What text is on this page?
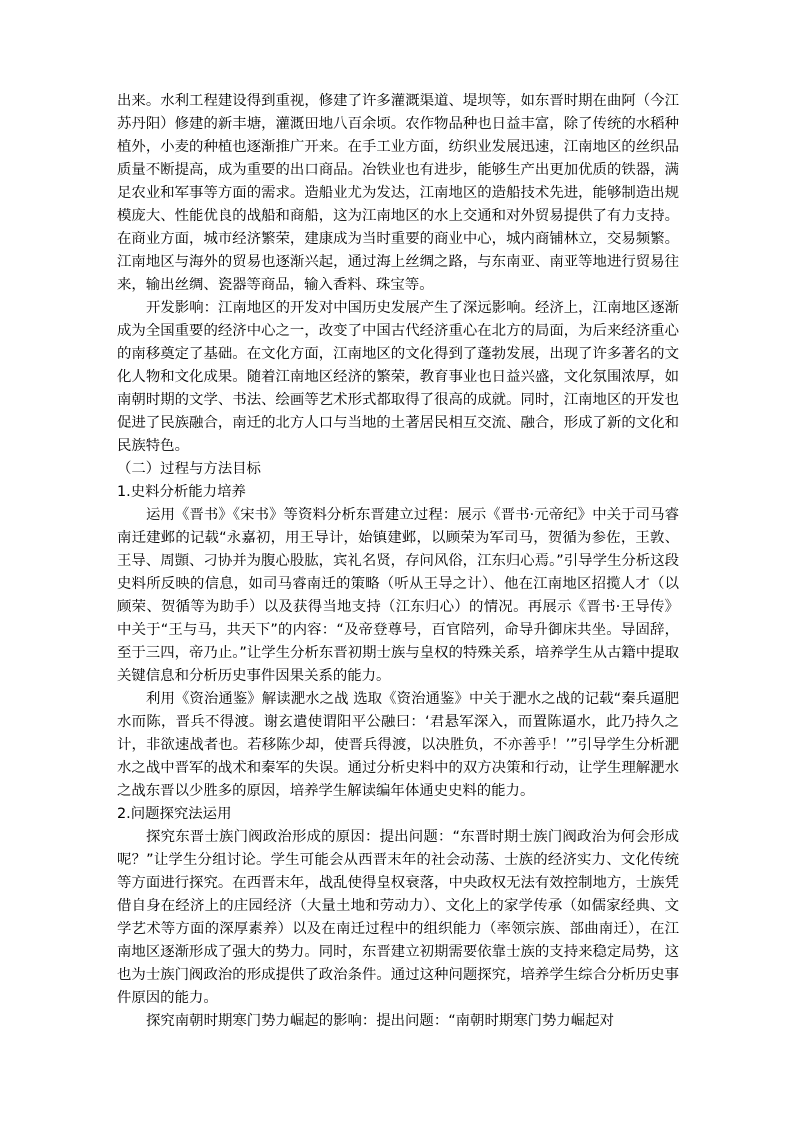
出来。水利工程建设得到重视，修建了许多灌溉渠道、堤坝等，如东晋时期在曲阿（今江苏丹阳）修建的新丰塘，灌溉田地八百余顷。农作物品种也日益丰富，除了传统的水稻种植外，小麦的种植也逐渐推广开来。在手工业方面，纺织业发展迅速，江南地区的丝织品质量不断提高，成为重要的出口商品。冶铁业也有进步，能够生产出更加优质的铁器，满足农业和军事等方面的需求。造船业尤为发达，江南地区的造船技术先进，能够制造出规模庞大、性能优良的战船和商船，这为江南地区的水上交通和对外贸易提供了有力支持。在商业方面，城市经济繁荣，建康成为当时重要的商业中心，城内商铺林立，交易频繁。江南地区与海外的贸易也逐渐兴起，通过海上丝绸之路，与东南亚、南亚等地进行贸易往来，输出丝绸、瓷器等商品，输入香料、珠宝等。

开发影响：江南地区的开发对中国历史发展产生了深远影响。经济上，江南地区逐渐成为全国重要的经济中心之一，改变了中国古代经济重心在北方的局面，为后来经济重心的南移奠定了基础。在文化方面，江南地区的文化得到了蓬勃发展，出现了许多著名的文化人物和文化成果。随着江南地区经济的繁荣，教育事业也日益兴盛，文化氛围浓厚，如南朝时期的文学、书法、绘画等艺术形式都取得了很高的成就。同时，江南地区的开发也促进了民族融合，南迁的北方人口与当地的土著居民相互交流、融合，形成了新的文化和民族特色。

（二）过程与方法目标

1.史料分析能力培养

运用《晋书》《宋书》等资料分析东晋建立过程：展示《晋书·元帝纪》中关于司马睿南迁建邺的记载“永嘉初，用王导计，始镇建邺，以顾荣为军司马，贺循为参佐，王敦、王导、周顗、刁协并为腹心股肱，宾礼名贤，存问风俗，江东归心焉。”引导学生分析这段史料所反映的信息，如司马睿南迁的策略（听从王导之计）、他在江南地区招揽人才（以顾荣、贺循等为助手）以及获得当地支持（江东归心）的情况。再展示《晋书·王导传》中关于“王与马，共天下”的内容：“及帝登尊号，百官陪列，命导升御床共坐。导固辞，至于三四，帝乃止。”让学生分析东晋初期士族与皇权的特殊关系，培养学生从古籍中提取关键信息和分析历史事件因果关系的能力。

利用《资治通鉴》解读淝水之战 选取《资治通鉴》中关于淝水之战的记载“秦兵逼肥水而陈，晋兵不得渡。谢玄遣使谓阳平公融曰：‘君悬军深入，而置陈逼水，此乃持久之计，非欲速战者也。若移陈少却，使晋兵得渡，以决胜负，不亦善乎！’”引导学生分析淝水之战中晋军的战术和秦军的失误。通过分析史料中的双方决策和行动，让学生理解淝水之战东晋以少胜多的原因，培养学生解读编年体通史史料的能力。

2.问题探究法运用

探究东晋士族门阀政治形成的原因：提出问题：“东晋时期士族门阀政治为何会形成呢？”让学生分组讨论。学生可能会从西晋末年的社会动荡、士族的经济实力、文化传统等方面进行探究。在西晋末年，战乱使得皇权衰落，中央政权无法有效控制地方，士族凭借自身在经济上的庄园经济（大量土地和劳动力）、文化上的家学传承（如儒家经典、文学艺术等方面的深厚素养）以及在南迁过程中的组织能力（率领宗族、部曲南迁），在江南地区逐渐形成了强大的势力。同时，东晋建立初期需要依靠士族的支持来稳定局势，这也为士族门阀政治的形成提供了政治条件。通过这种问题探究，培养学生综合分析历史事件原因的能力。

探究南朝时期寒门势力崛起的影响：提出问题：“南朝时期寒门势力崛起对
